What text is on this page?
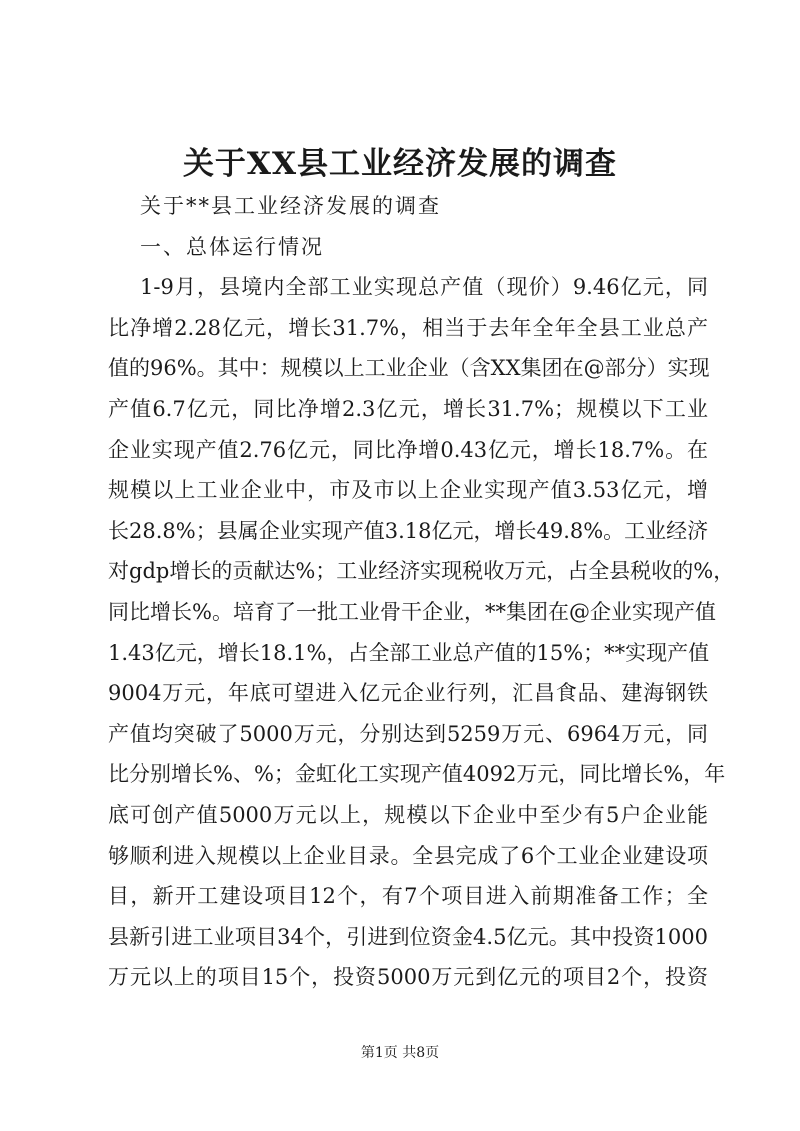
关于XX县工业经济发展的调查
关于**县工业经济发展的调查
一、总体运行情况
1-9月，县境内全部工业实现总产值（现价）9.46亿元，同
比净增2.28亿元，增长31.7%，相当于去年全年全县工业总产
值的96%。其中：规模以上工业企业（含XX集团在@部分）实现
产值6.7亿元，同比净增2.3亿元，增长31.7%；规模以下工业
企业实现产值2.76亿元，同比净增0.43亿元，增长18.7%。在
规模以上工业企业中，市及市以上企业实现产值3.53亿元，增
长28.8%；县属企业实现产值3.18亿元，增长49.8%。工业经济
对gdp增长的贡献达%；工业经济实现税收万元，占全县税收的%，
同比增长%。培育了一批工业骨干企业，**集团在@企业实现产值
1.43亿元，增长18.1%，占全部工业总产值的15%；**实现产值
9004万元，年底可望进入亿元企业行列，汇昌食品、建海钢铁
产值均突破了5000万元，分别达到5259万元、6964万元，同
比分别增长%、%；金虹化工实现产值4092万元，同比增长%，年
底可创产值5000万元以上，规模以下企业中至少有5户企业能
够顺利进入规模以上企业目录。全县完成了6个工业企业建设项
目，新开工建设项目12个，有7个项目进入前期准备工作；全
县新引进工业项目34个，引进到位资金4.5亿元。其中投资1000
万元以上的项目15个，投资5000万元到亿元的项目2个，投资
第1页 共8页
